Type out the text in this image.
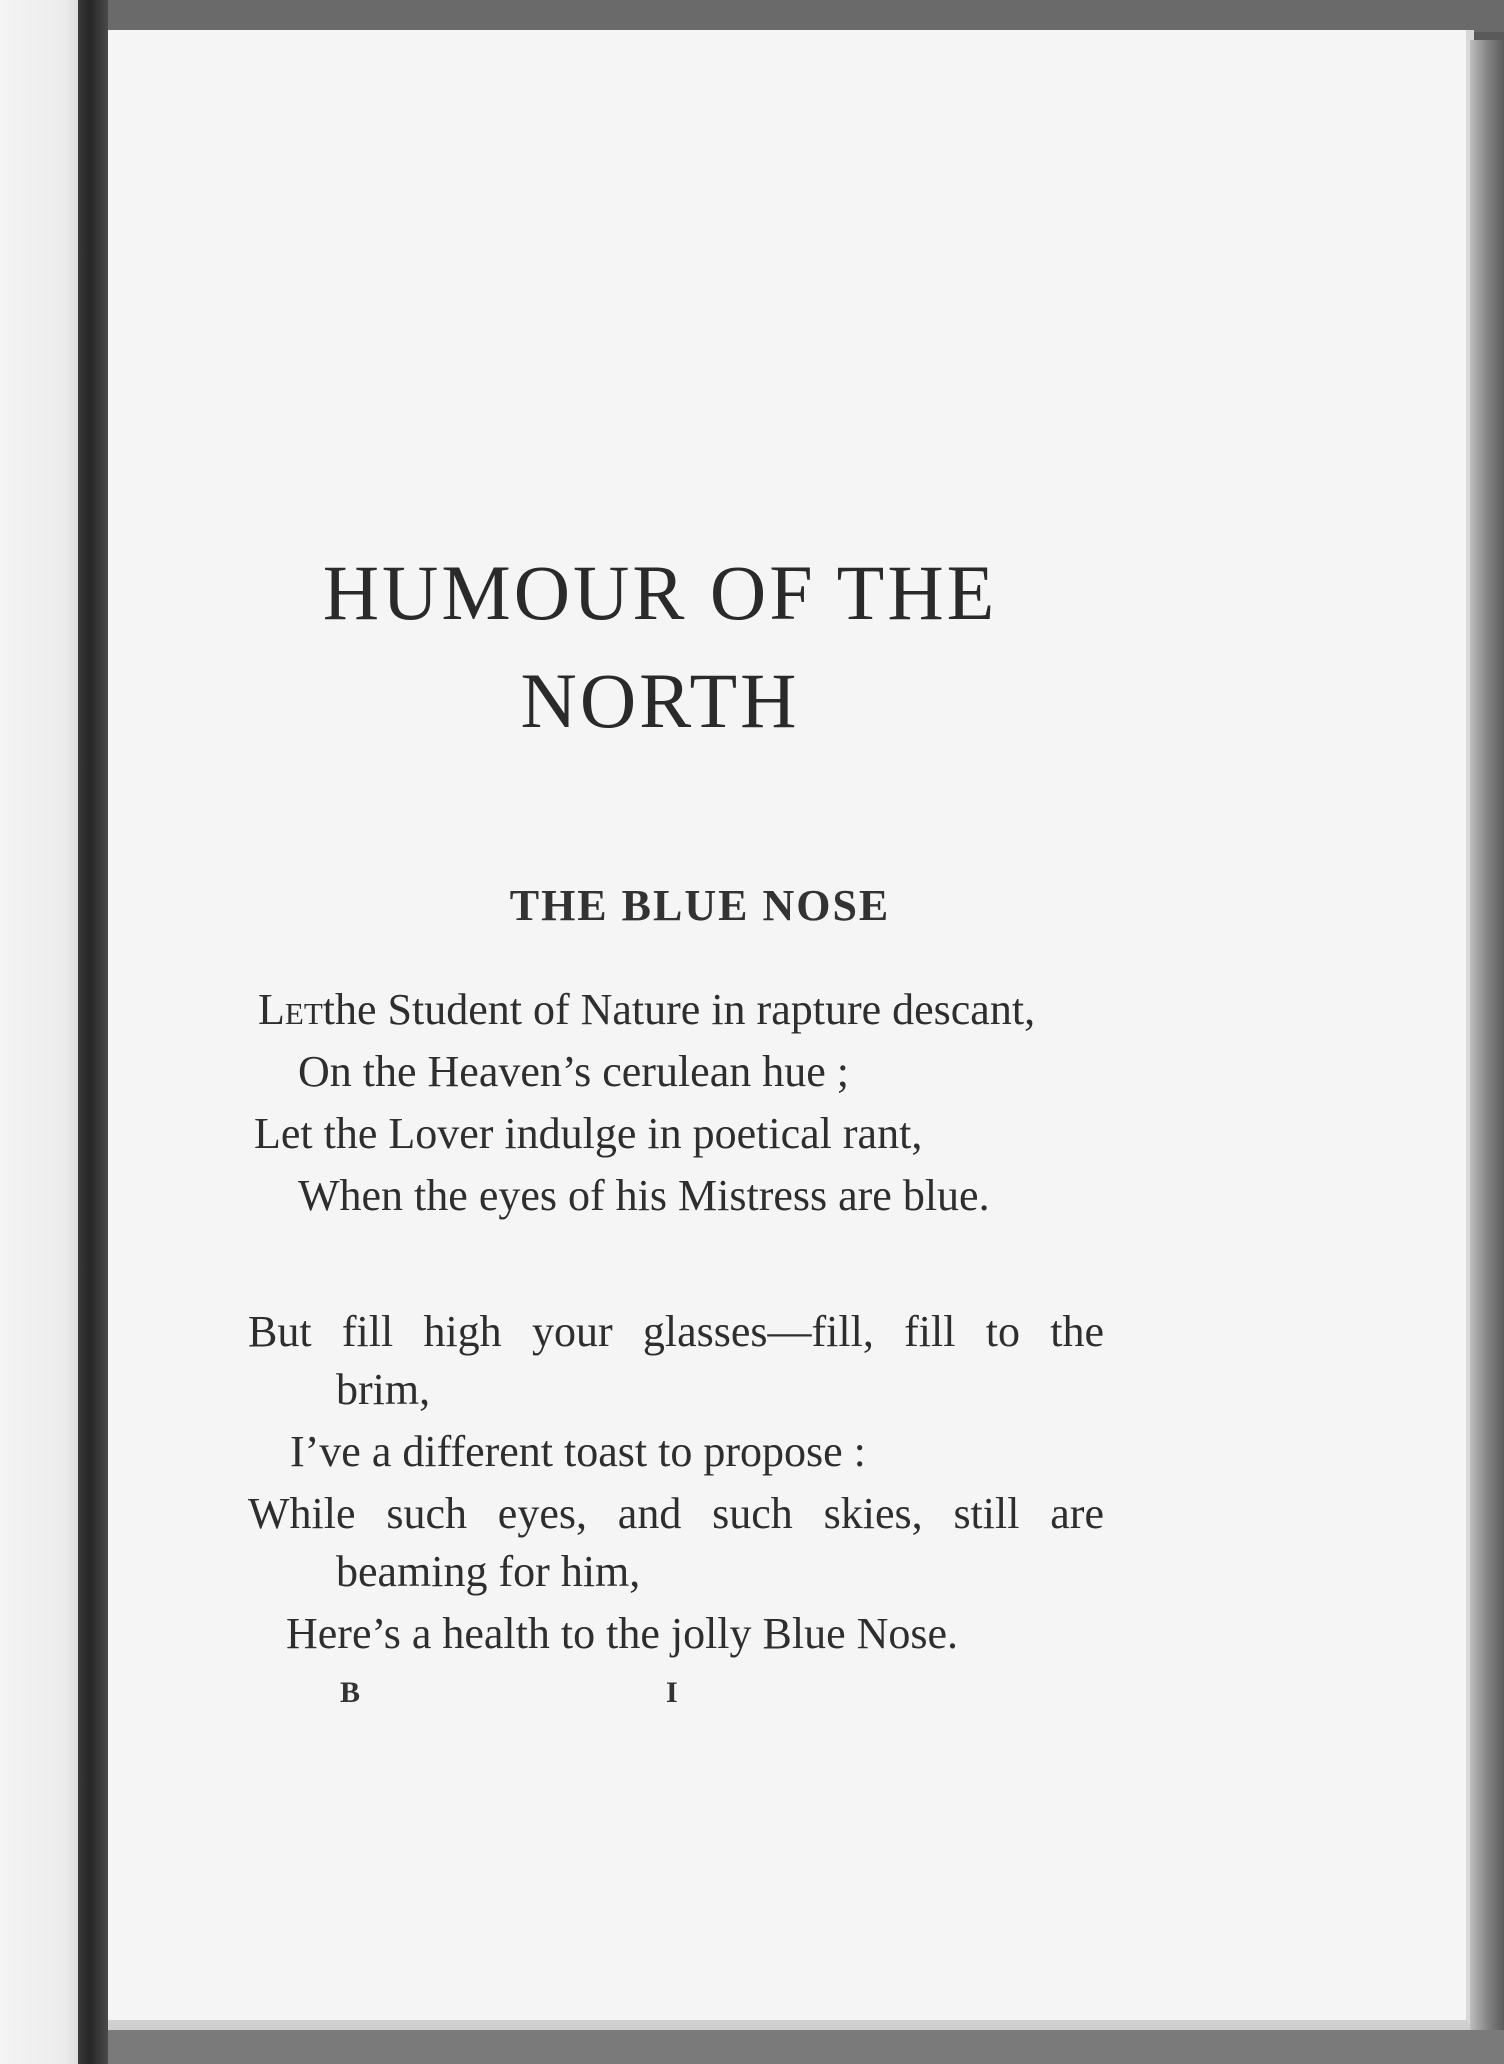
HUMOUR OF THE
NORTH
THE BLUE NOSE

Letthe Student of Nature in rapture descant,

On the Heaven’s cerulean hue ;

Let the Lover indulge in poetical rant,

When the eyes of his Mistress are blue.

But fill high your glasses—fill, fill to the

brim,

I’ve a different toast to propose :

While such eyes, and such skies, still are

beaming for him,

Here’s a health to the jolly Blue Nose.

B	I
